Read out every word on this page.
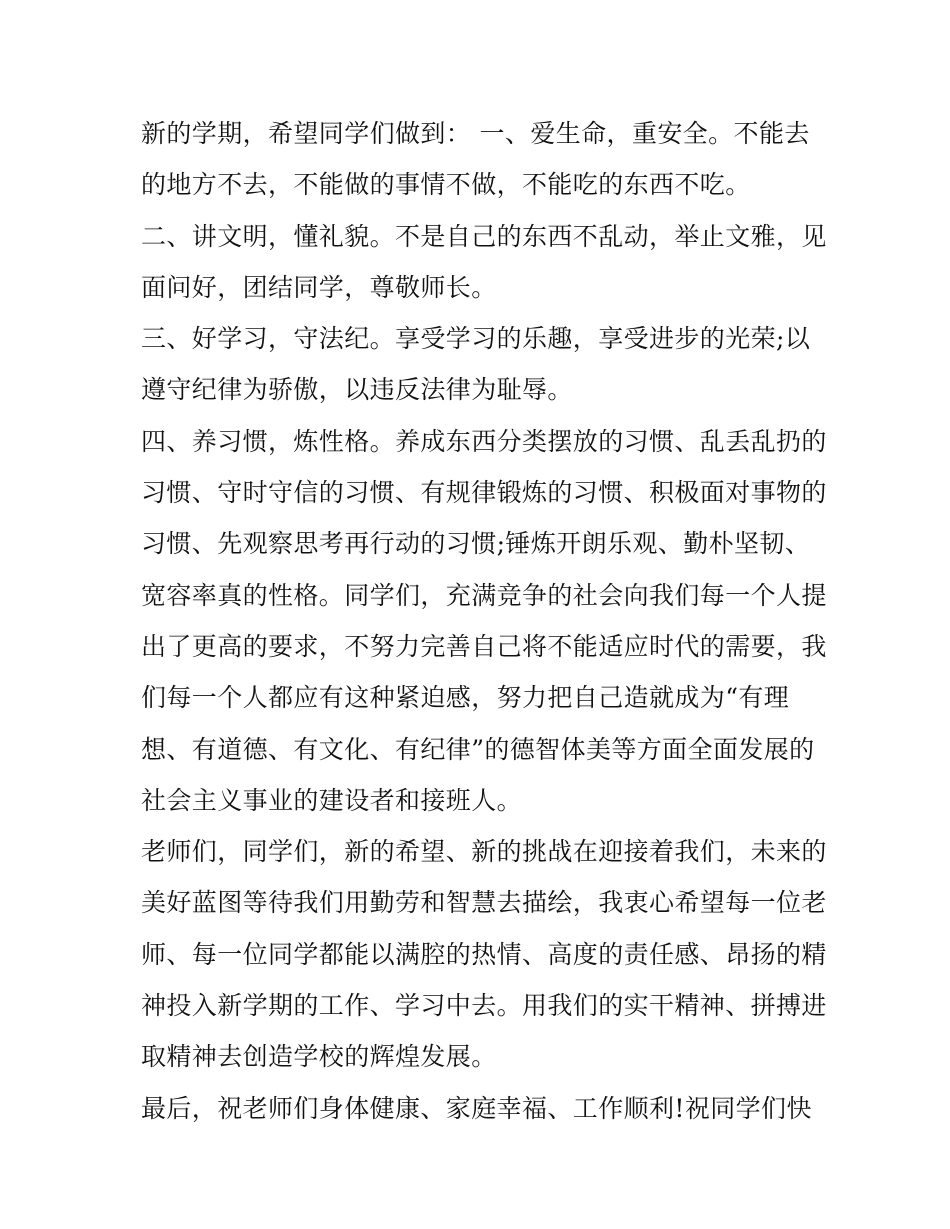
新的学期，希望同学们做到： 一、爱生命，重安全。不能去
的地方不去，不能做的事情不做，不能吃的东西不吃。
二、讲文明，懂礼貌。不是自己的东西不乱动，举止文雅，见
面问好，团结同学，尊敬师长。
三、好学习，守法纪。享受学习的乐趣，享受进步的光荣;以
遵守纪律为骄傲，以违反法律为耻辱。
四、养习惯，炼性格。养成东西分类摆放的习惯、乱丢乱扔的
习惯、守时守信的习惯、有规律锻炼的习惯、积极面对事物的
习惯、先观察思考再行动的习惯;锤炼开朗乐观、勤朴坚韧、
宽容率真的性格。同学们，充满竞争的社会向我们每一个人提
出了更高的要求，不努力完善自己将不能适应时代的需要，我
们每一个人都应有这种紧迫感，努力把自己造就成为“有理
想、有道德、有文化、有纪律”的德智体美等方面全面发展的
社会主义事业的建设者和接班人。
老师们，同学们，新的希望、新的挑战在迎接着我们，未来的
美好蓝图等待我们用勤劳和智慧去描绘，我衷心希望每一位老
师、每一位同学都能以满腔的热情、高度的责任感、昂扬的精
神投入新学期的工作、学习中去。用我们的实干精神、拼搏进
取精神去创造学校的辉煌发展。
最后，祝老师们身体健康、家庭幸福、工作顺利!祝同学们快
